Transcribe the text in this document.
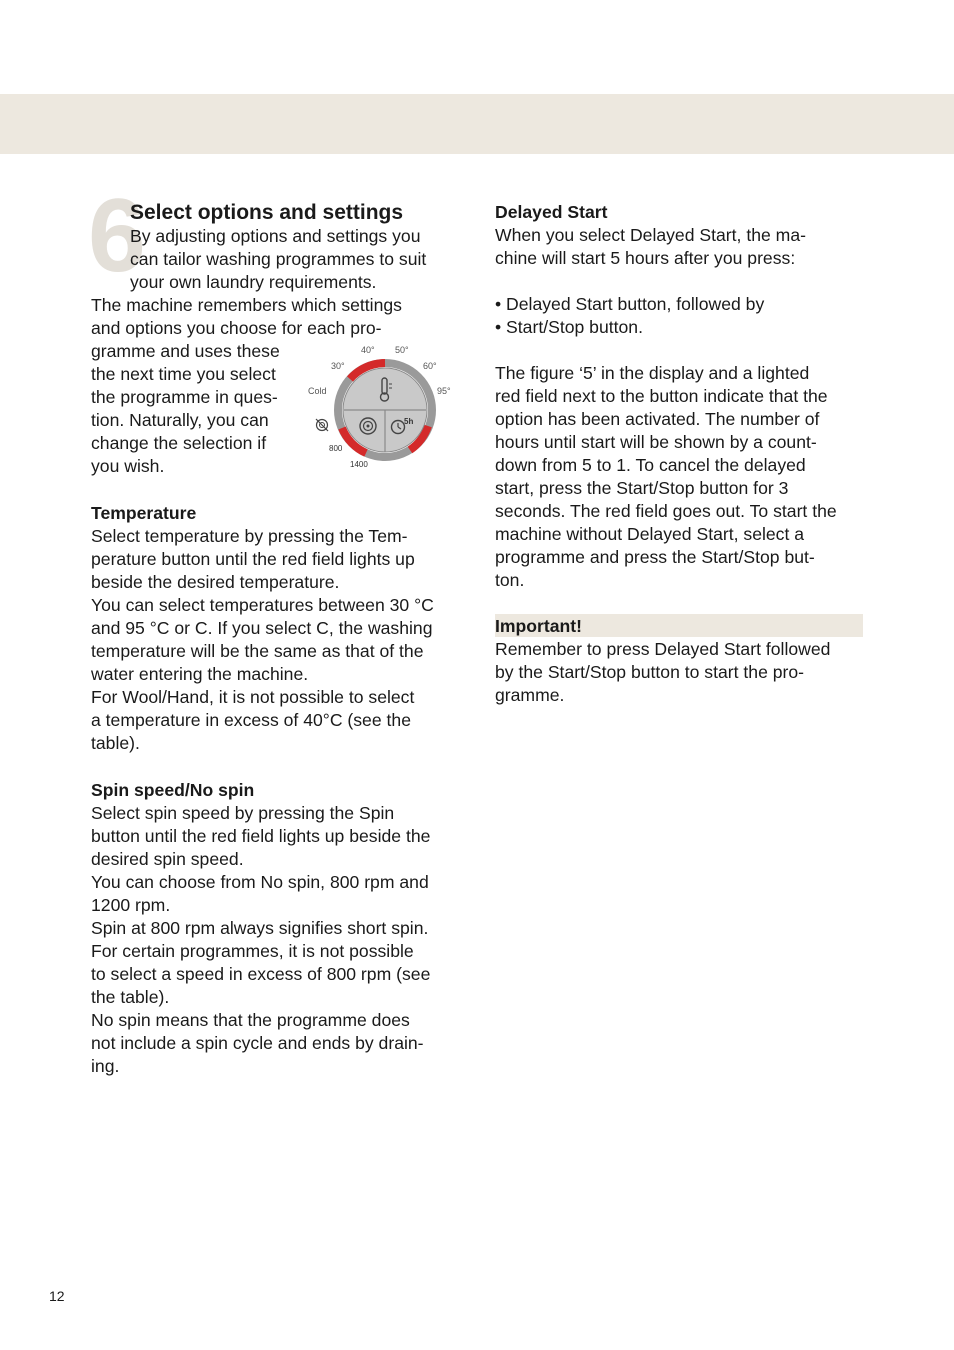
6
Select options and settings
By adjusting options and settings you
can tailor washing programmes to suit
your own laundry requirements.
The machine remembers which settings
and options you choose for each pro-
gramme and uses these
the next time you select
the programme in ques-
tion. Naturally, you can
change the selection if
you wish.
40° 50°
30°	60°
Cold	95°
800
1400
5h
Temperature
Select temperature by pressing the Tem-
perature button until the red field lights up
beside the desired temperature.
You can select temperatures between 30 °C
and 95 °C or C. If you select C, the washing
temperature will be the same as that of the
water entering the machine.
For Wool/Hand, it is not possible to select
a temperature in excess of 40°C (see the
table).
Spin speed/No spin
Select spin speed by pressing the Spin
button until the red field lights up beside the
desired spin speed.
You can choose from No spin, 800 rpm and
1200 rpm.
Spin at 800 rpm always signifies short spin.
For certain programmes, it is not possible
to select a speed in excess of 800 rpm (see
the table).
No spin means that the programme does
not include a spin cycle and ends by drain-
ing.
Delayed Start
When you select Delayed Start, the ma-
chine will start 5 hours after you press:

• Delayed Start button, followed by
• Start/Stop button.

The figure ‘5’ in the display and a lighted
red field next to the button indicate that the
option has been activated. The number of
hours until start will be shown by a count-
down from 5 to 1. To cancel the delayed
start, press the Start/Stop button for 3
seconds. The red field goes out. To start the
machine without Delayed Start, select a
programme and press the Start/Stop but-
ton.
Important!
Remember to press Delayed Start followed
by the Start/Stop button to start the pro-
gramme.
12
